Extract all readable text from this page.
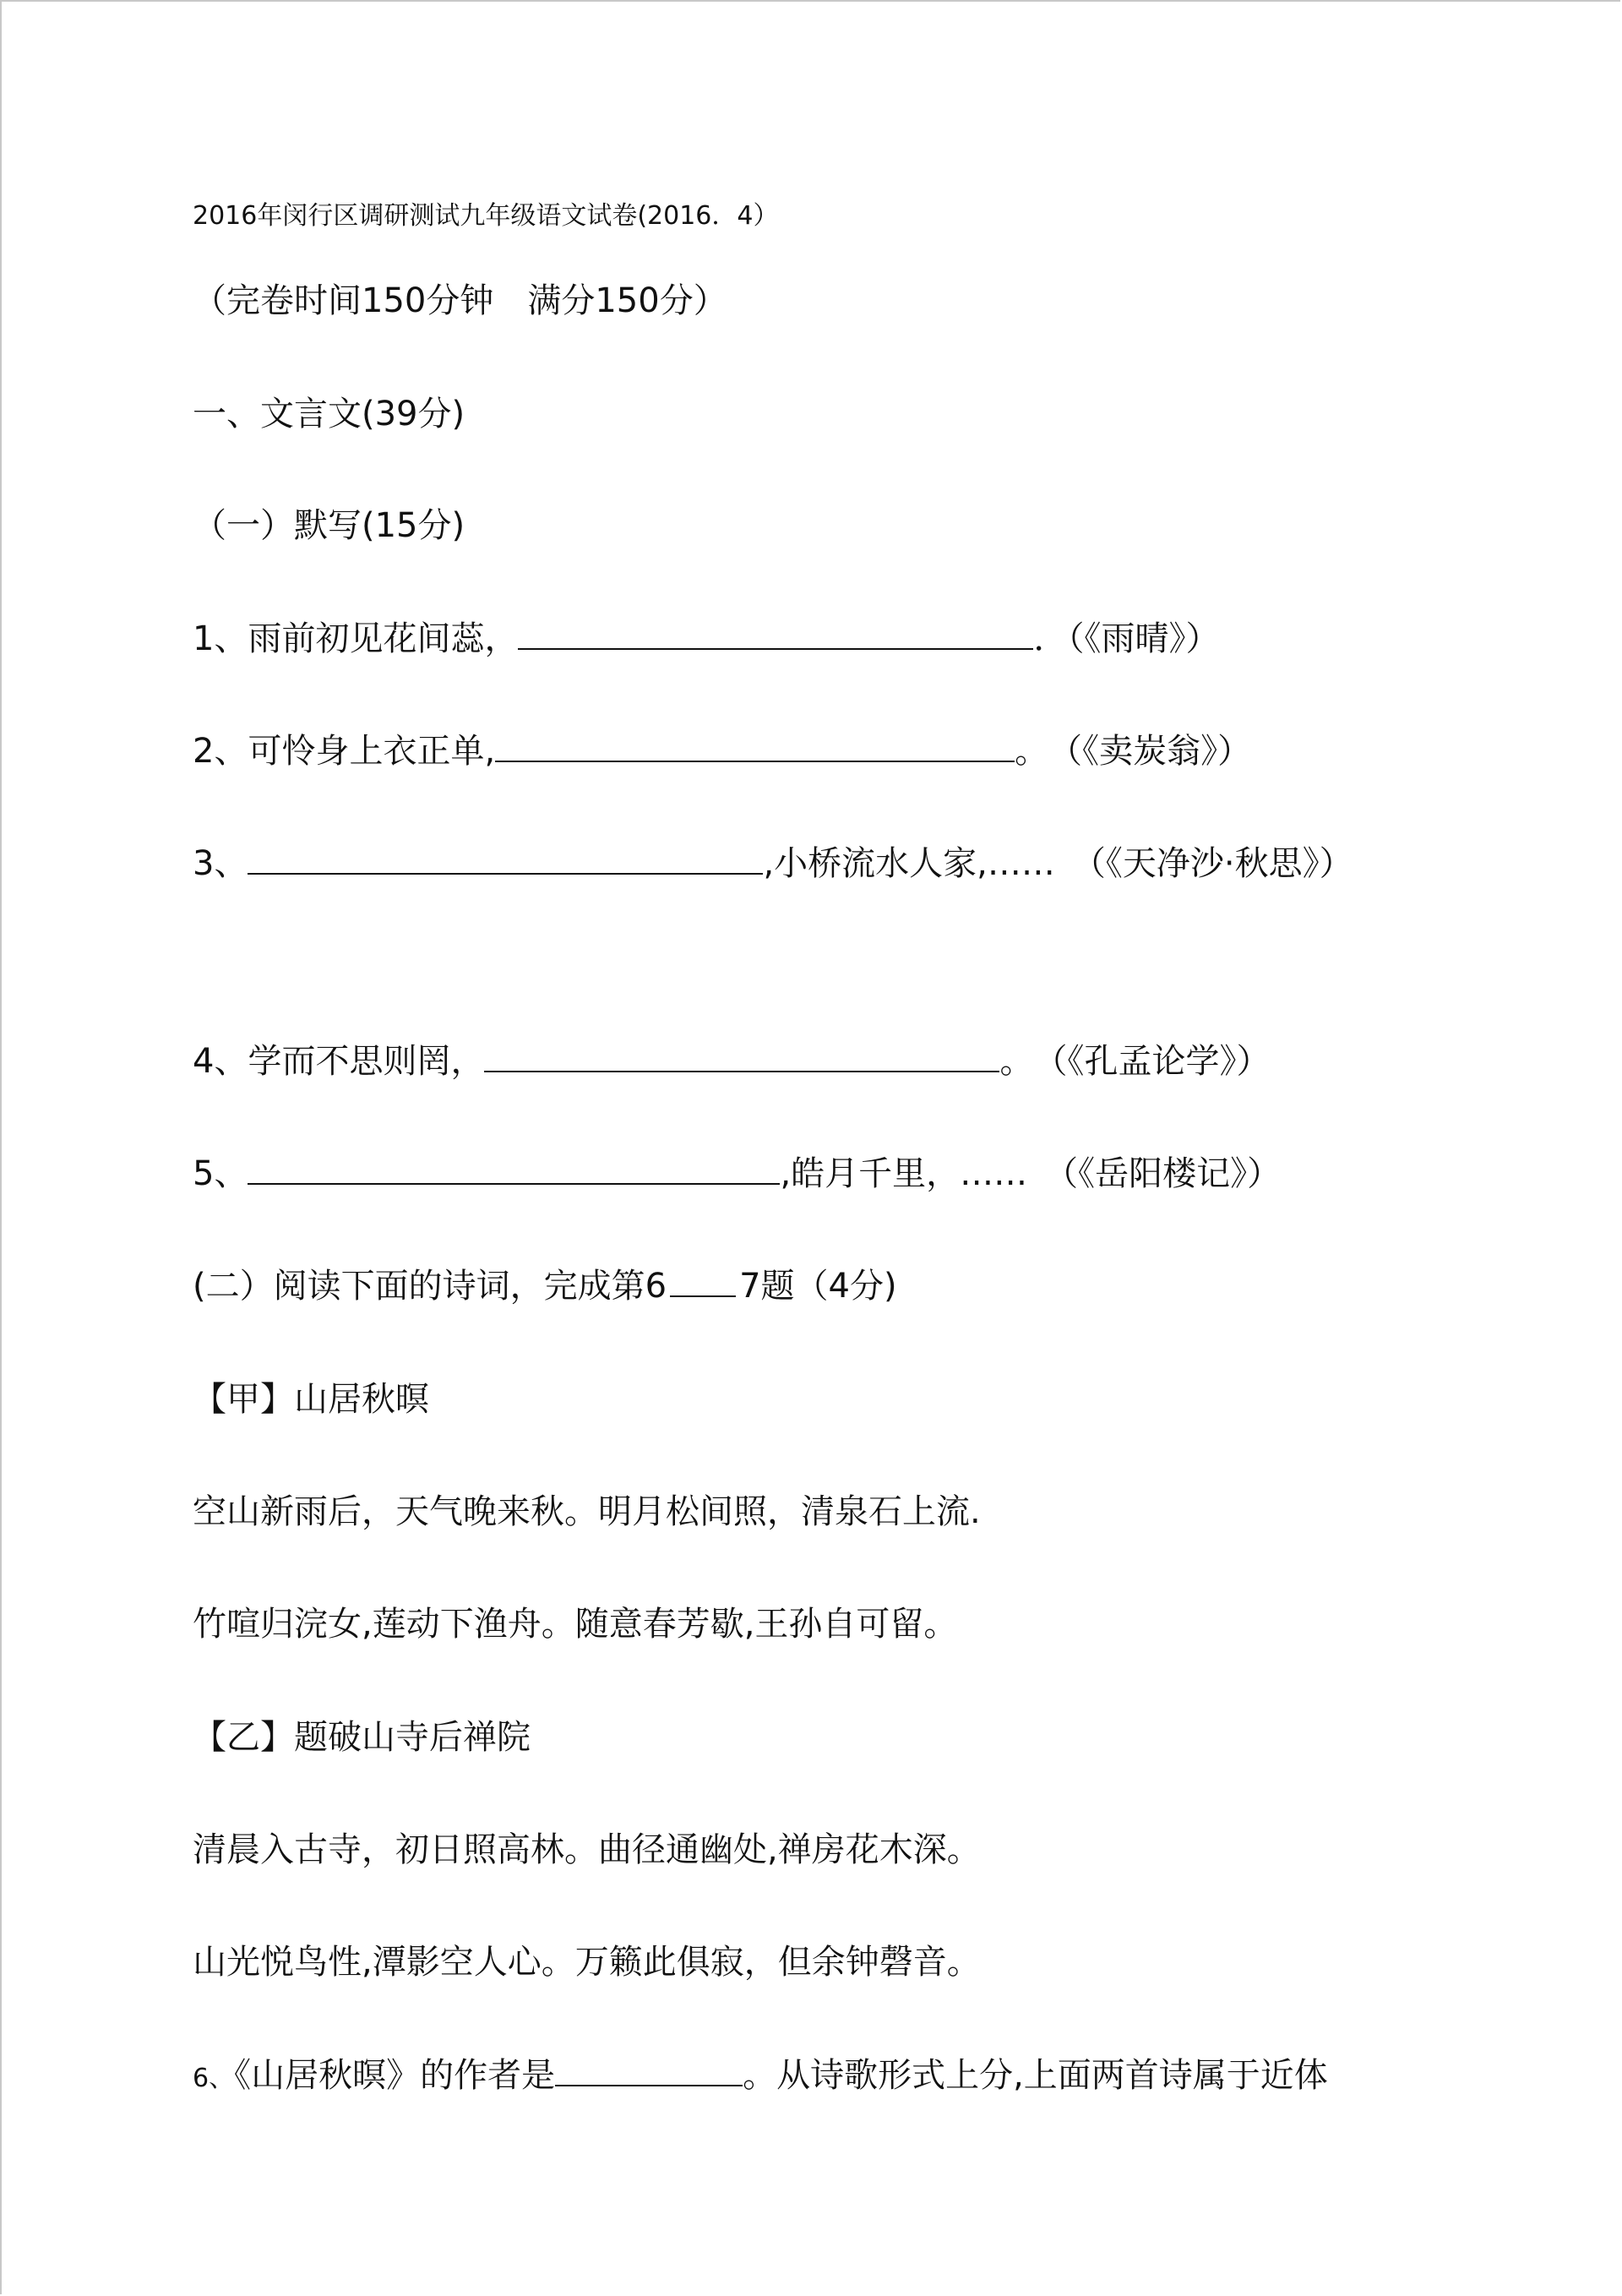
2016年闵行区调研测试九年级语文试卷(2016．4）
（完卷时间150分钟　满分150分）
一、文言文(39分)
（一）默写(15分)
1、雨前初见花间蕊，	．（《雨晴》）
2、可怜身上衣正单,	。　（《卖炭翁》）
3、	,小桥流水人家,……　（《天净沙·秋思》）
4、学而不思则罔，	。　（《孔孟论学》）
5、	,皓月千里，……　（《岳阳楼记》）
(二）阅读下面的诗词，完成第6 7题（4分)
【甲】山居秋暝
空山新雨后，天气晚来秋。明月松间照，清泉石上流.
竹喧归浣女,莲动下渔舟。随意春芳歇,王孙自可留。
【乙】题破山寺后禅院
清晨入古寺，初日照高林。曲径通幽处,禅房花木深。
山光悦鸟性,潭影空人心。万籁此俱寂，但余钟磬音。
6、《山居秋暝》的作者是	。从诗歌形式上分,上面两首诗属于近体
